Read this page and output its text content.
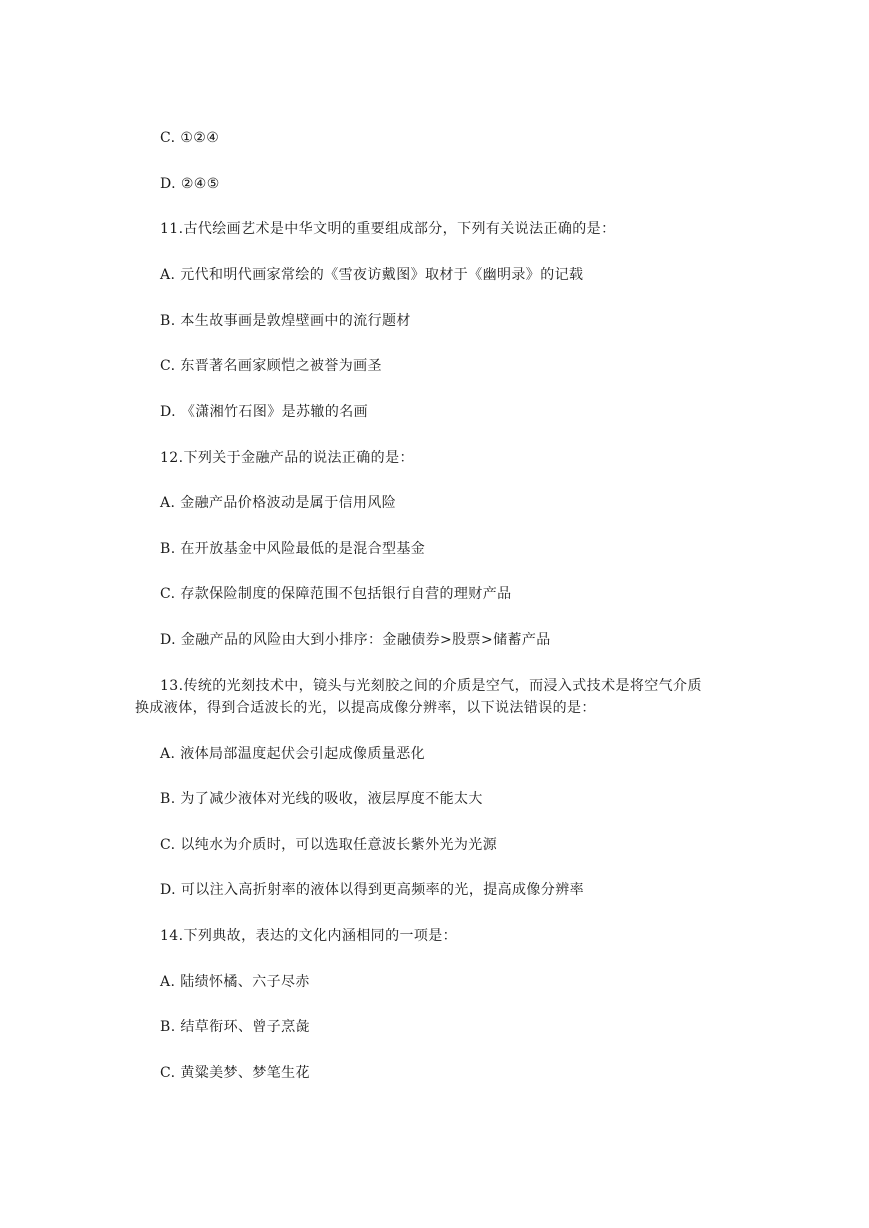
C. ①②④
D. ②④⑤
11.古代绘画艺术是中华文明的重要组成部分，下列有关说法正确的是：
A. 元代和明代画家常绘的《雪夜访戴图》取材于《幽明录》的记载
B. 本生故事画是敦煌壁画中的流行题材
C. 东晋著名画家顾恺之被誉为画圣
D. 《潇湘竹石图》是苏辙的名画
12.下列关于金融产品的说法正确的是：
A. 金融产品价格波动是属于信用风险
B. 在开放基金中风险最低的是混合型基金
C. 存款保险制度的保障范围不包括银行自营的理财产品
D. 金融产品的风险由大到小排序：金融债券>股票>储蓄产品
13.传统的光刻技术中，镜头与光刻胶之间的介质是空气，而浸入式技术是将空气介质
换成液体，得到合适波长的光，以提高成像分辨率，以下说法错误的是：
A. 液体局部温度起伏会引起成像质量恶化
B. 为了减少液体对光线的吸收，液层厚度不能太大
C. 以纯水为介质时，可以选取任意波长紫外光为光源
D. 可以注入高折射率的液体以得到更高频率的光，提高成像分辨率
14.下列典故，表达的文化内涵相同的一项是：
A. 陆绩怀橘、六子尽赤
B. 结草衔环、曾子烹彘
C. 黄粱美梦、梦笔生花
